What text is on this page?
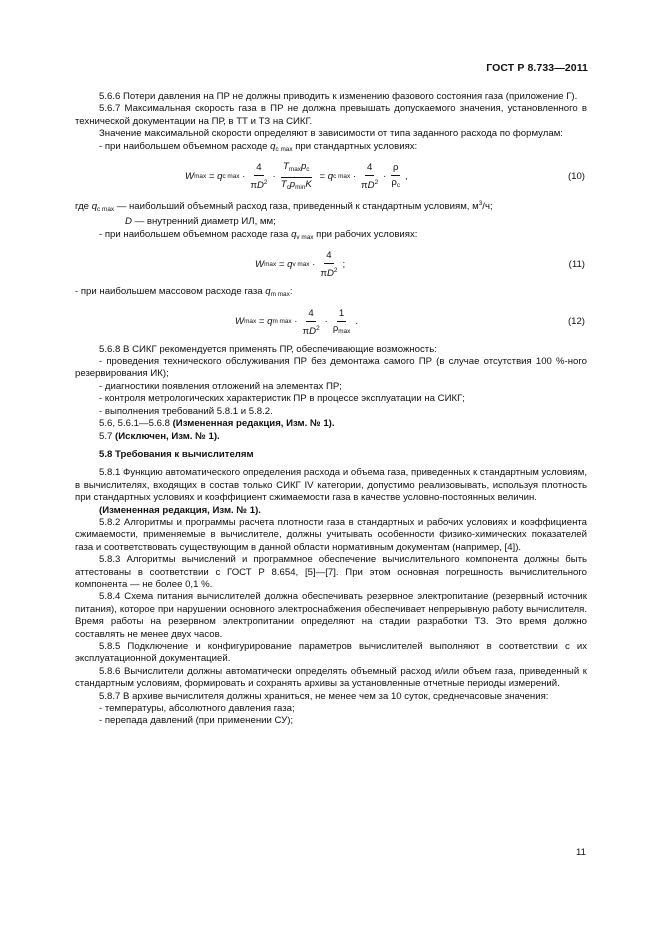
ГОСТ Р 8.733—2011

5.6.6 Потери давления на ПР не должны приводить к изменению фазового состояния газа (приложение Г).

5.6.7 Максимальная скорость газа в ПР не должна превышать допускаемого значения, установленного в технической документации на ПР, в ТТ и ТЗ на СИКГ.

Значение максимальной скорости определяют в зависимости от типа заданного расхода по формулам:

- при наибольшем объемном расходе $q_{c max}$ при стандартных условиях:

W max
=
q c max
· $\frac{4}{\pi D^2} \cdot \frac{T_{max}p_c}{T_cp_{min}K}$
=
q c max
· $\frac{4}{\pi D^2} \cdot \frac{\rho}{\rho_c}$ ,	(10)

где $q_{c max}$ — наибольший объемный расход газа, приведенный к стандартным условиям, $м^3/ч$;

D — внутренний диаметр ИЛ, мм;

- при наибольшем объемном расходе газа $q_{v max}$ при рабочих условиях:

W max
=
q v max
· $\frac{4}{\pi D^2}$ ;	(11)

- при наибольшем массовом расходе газа $q_{m max}$:

W max
=
q m max
· $\frac{4}{\pi D^2} \cdot \frac{1}{\rho_{max}}$ .	(12)

5.6.8 В СИКГ рекомендуется применять ПР, обеспечивающие возможность:

- проведения технического обслуживания ПР без демонтажа самого ПР (в случае отсутствия 100 %-ного резервирования ИК);

- диагностики появления отложений на элементах ПР;

- контроля метрологических характеристик ПР в процессе эксплуатации на СИКГ;

- выполнения требований 5.8.1 и 5.8.2.

5.6, 5.6.1—5.6.8 (Измененная редакция, Изм. № 1).

5.7 (Исключен, Изм. № 1).

5.8 Требования к вычислителям

5.8.1 Функцию автоматического определения расхода и объема газа, приведенных к стандартным условиям, в вычислителях, входящих в состав только СИКГ IV категории, допустимо реализовывать, используя плотность при стандартных условиях и коэффициент сжимаемости газа в качестве условно-постоянных величин.

(Измененная редакция, Изм. № 1).

5.8.2 Алгоритмы и программы расчета плотности газа в стандартных и рабочих условиях и коэффициента сжимаемости, применяемые в вычислителе, должны учитывать особенности физико-химических показателей газа и соответствовать существующим в данной области нормативным документам (например, [4]).

5.8.3 Алгоритмы вычислений и программное обеспечение вычислительного компонента должны быть аттестованы в соответствии с ГОСТ Р 8.654, [5]—[7]. При этом основная погрешность вычислительного компонента — не более 0,1 %.

5.8.4 Схема питания вычислителей должна обеспечивать резервное электропитание (резервный источник питания), которое при нарушении основного электроснабжения обеспечивает непрерывную работу вычислителя. Время работы на резервном электропитании определяют на стадии разработки ТЗ. Это время должно составлять не менее двух часов.

5.8.5 Подключение и конфигурирование параметров вычислителей выполняют в соответствии с их эксплуатационной документацией.

5.8.6 Вычислители должны автоматически определять объемный расход и/или объем газа, приведенный к стандартным условиям, формировать и сохранять архивы за установленные отчетные периоды измерений.

5.8.7 В архиве вычислителя должны храниться, не менее чем за 10 суток, среднечасовые значения:

- температуры, абсолютного давления газа;

- перепада давлений (при применении СУ);

11
